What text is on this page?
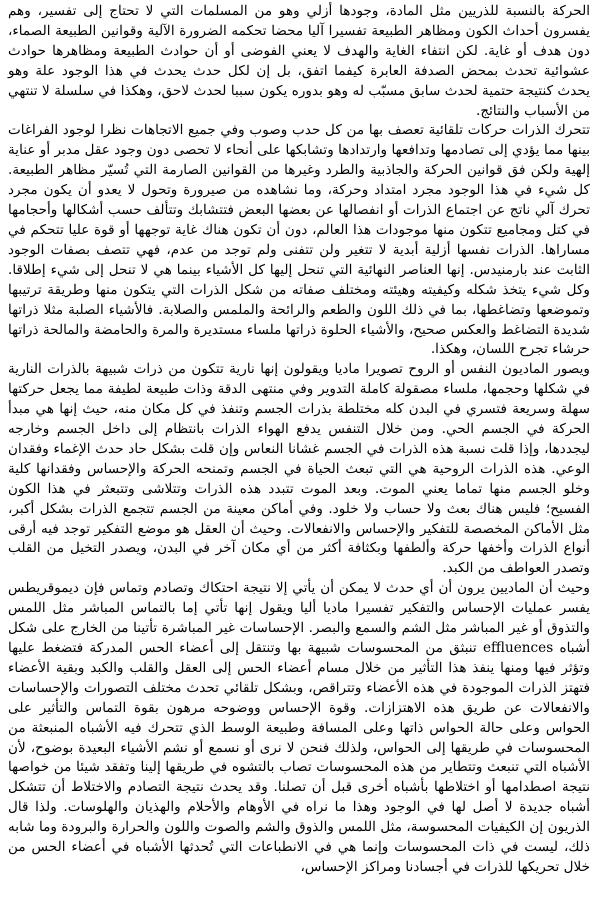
الحركة بالنسبة للذريين مثل المادة، وجودها أزلي وهو من المسلمات التي لا تحتاج إلى تفسير، وهم يفسرون أحداث الكون ومظاهر الطبيعة تفسيرا آليا محضا تحكمه الضرورة الآلية وقوانين الطبيعة الصماء، دون هدف أو غاية. لكن انتفاء الغاية والهدف لا يعني الفوضى أو أن حوادث الطبيعة ومظاهرها حوادث عشوائية تحدث بمحض الصدفة العابرة كيفما اتفق، بل إن لكل حدث يحدث في هذا الوجود علة وهو يحدث كنتيجة حتمية لحدث سابق مسبّب له وهو بدوره يكون سببا لحدث لاحق، وهكذا في سلسلة لا تنتهي من الأسباب والنتائج.

تتحرك الذرات حركات تلقائية تعصف بها من كل حدب وصوب وفي جميع الاتجاهات نظرا لوجود الفراغات بينها مما يؤدي إلى تصادمها وتدافعها وارتدادها وتشابكها على أنحاء لا تحصى دون وجود عقل مدبر أو عناية إلهية ولكن فق قوانين الحركة والجاذبية والطرد وغيرها من القوانين الصارمة التي تُسيّر مظاهر الطبيعة. كل شيء في هذا الوجود مجرد امتداد وحركة، وما نشاهده من صيرورة وتحول لا يعدو أن يكون مجرد تحرك آلي ناتج عن اجتماع الذرات أو انفصالها عن بعضها البعض فتتشابك وتتألف حسب أشكالها وأحجامها في كتل ومجاميع تتكون منها موجودات هذا العالم، دون أن تكون هناك غاية توجهها أو قوة عليا تتحكم في مساراها. الذرات نفسها أزلية أبدية لا تتغير ولن تتفنى ولم توجد من عدم، فهي تتصف بصفات الوجود الثابت عند بارمنيدس. إنها العناصر النهائية التي تنحل إليها كل الأشياء بينما هي لا تنحل إلى شيء إطلاقا. وكل شيء يتخذ شكله وكيفيته وهيئته ومختلف صفاته من شكل الذرات التي يتكون منها وطريقة ترتيبها وتموضعها وتضاغطها، بما في ذلك اللون والطعم والرائحة والملمس والصلابة. فالأشياء الصلبة مثلا ذراتها شديدة التضاغط والعكس صحيح، والأشياء الحلوة ذراتها ملساء مستديرة والمرة والحامضة والمالحة ذراتها حرشاء تجرح اللسان، وهكذا.

ويصور الماديون النفس أو الروح تصويرا ماديا ويقولون إنها نارية تتكون من ذرات شبيهة بالذرات النارية في شكلها وحجمها، ملساء مصقولة كاملة التدوير وفي منتهى الدقة وذات طبيعة لطيفة مما يجعل حركتها سهلة وسريعة فتسري في البدن كله مختلطة بذرات الجسم وتنفذ في كل مكان منه، حيث إنها هي مبدأ الحركة في الجسم الحي. ومن خلال التنفس يدفع الهواء الذرات بانتظام إلى داخل الجسم وخارجه ليجددها، وإذا قلت نسبة هذه الذرات في الجسم غشانا النعاس وإن قلت بشكل حاد حدث الإغماء وفقدان الوعي. هذه الذرات الروحية هي التي تبعث الحياة في الجسم وتمنحه الحركة والإحساس وفقدانها كلية وخلو الجسم منها تماما يعني الموت. وبعد الموت تتبدد هذه الذرات وتتلاشى وتتبعثر في هذا الكون الفسيح؛ فليس هناك بعث ولا حساب ولا خلود. وفي أماكن معينة من الجسم تتجمع الذرات بشكل أكبر، مثل الأماكن المخصصة للتفكير والإحساس والانفعالات. وحيث أن العقل هو موضع التفكير توجد فيه أرقى أنواع الذرات وأخفها حركة وألطفها وبكثافة أكثر من أي مكان آخر في البدن، ويصدر التخيل من القلب وتصدر العواطف من الكبد.

وحيث أن الماديين يرون أن أي حدث لا يمكن أن يأتي إلا نتيجة احتكاك وتصادم وتماس فإن ديموقريطس يفسر عمليات الإحساس والتفكير تفسيرا ماديا أليا ويقول إنها تأتي إما بالتماس المباشر مثل اللمس والتذوق أو غير المباشر مثل الشم والسمع والبصر. الإحساسات غير المباشرة تأتينا من الخارج على شكل أشباه effluences تنبثق من المحسوسات شبيهة بها وتنتقل إلى أعضاء الحس المدركة فتضغط عليها وتؤثر فيها ومنها ينفذ هذا التأثير من خلال مسام أعضاء الحس إلى العقل والقلب والكبد وبقية الأعضاء فتهتز الذرات الموجودة في هذه الأعضاء وتتراقص، وبشكل تلقائي تحدث مختلف التصورات والإحساسات والانفعالات عن طريق هذه الاهتزازات. وقوة الإحساس ووضوحه مرهون بقوة التماس والتأثير على الحواس وعلى حالة الحواس ذاتها وعلى المسافة وطبيعة الوسط الذي تتحرك فيه الأشباه المنبعثة من المحسوسات في طريقها إلى الحواس، ولذلك فنحن لا نرى أو نسمع أو نشم الأشياء البعيدة بوضوح، لأن الأشباه التي تنبعث وتتطاير من هذه المحسوسات تصاب بالتشوه في طريقها إلينا وتفقد شيئا من خواصها نتيجة اصطدامها أو اختلاطها بأشباه أخرى قبل أن تصلنا. وقد يحدث نتيجة التصادم والاختلاط أن تتشكل أشباه جديدة لا أصل لها في الوجود وهذا ما نراه في الأوهام والأحلام والهذيان والهلوسات. ولذا قال الذريون إن الكيفيات المحسوسة، مثل اللمس والذوق والشم والصوت واللون والحرارة والبرودة وما شابه ذلك، ليست في ذات المحسوسات وإنما هي في الانطباعات التي تُحدثها الأشباه في أعضاء الحس من خلال تحريكها للذرات في أجسادنا ومراكز الإحساس،
